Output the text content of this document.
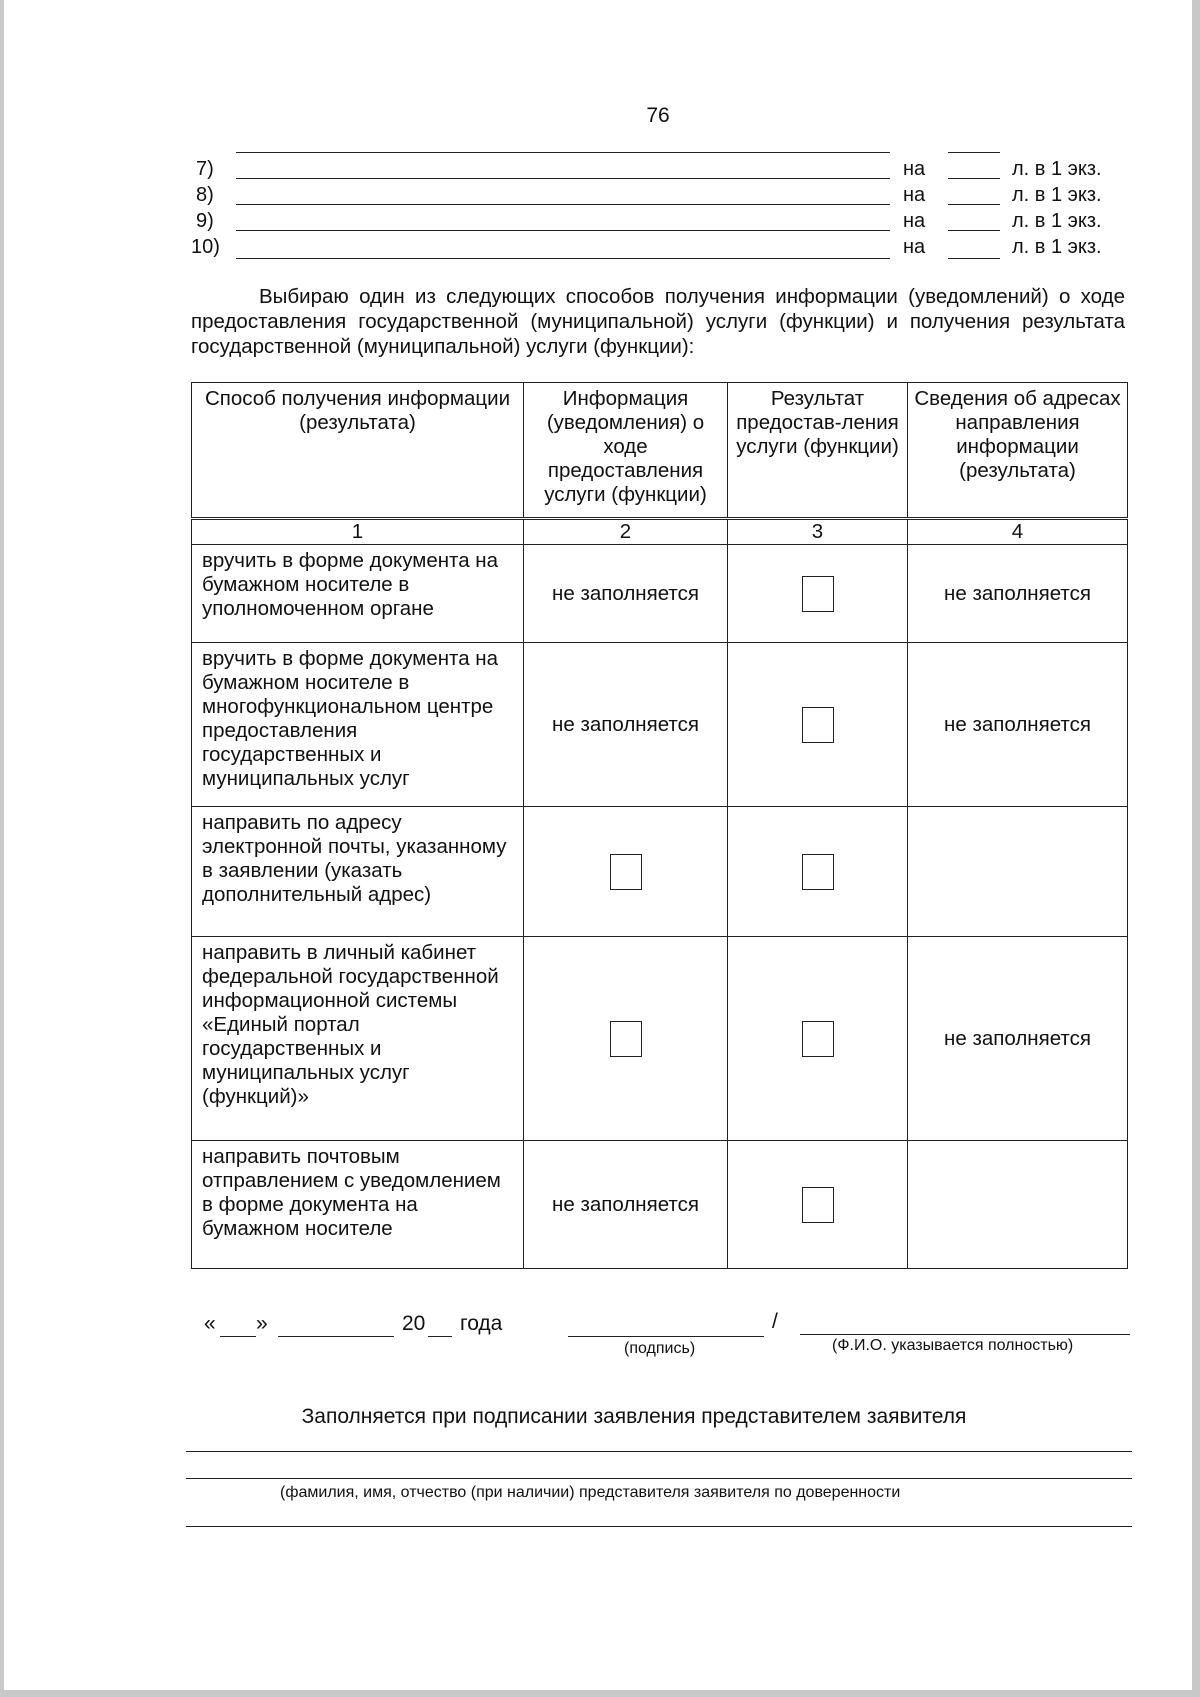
76
7)	на	л. в 1 экз.
8)	на	л. в 1 экз.
9)	на	л. в 1 экз.
10)	на	л. в 1 экз.
Выбираю один из следующих способов получения информации (уведомлений) о ходе предоставления государственной (муниципальной) услуги (функции) и получения результата государственной (муниципальной) услуги (функции):
Способ получения информации (результата)	Информация (уведомления) о ходе предоставления услуги (функции)	Результат предостав-ления услуги (функции)	Сведения об адресах направления информации (результата)
1	2	3	4
вручить в форме документа на бумажном носителе в уполномоченном органе	не заполняется		не заполняется
вручить в форме документа на бумажном носителе в многофункциональном центре предоставления государственных и муниципальных услуг	не заполняется		не заполняется
направить по адресу электронной почты, указанному в заявлении (указать дополнительный адрес)			
направить в личный кабинет федеральной государственной информационной системы «Единый портал государственных и муниципальных услуг (функций)»			не заполняется
направить почтовым отправлением с уведомлением в форме документа на бумажном носителе	не заполняется		
« »	20 года	/
(подпись)	(Ф.И.О. указывается полностью)
Заполняется при подписании заявления представителем заявителя
(фамилия, имя, отчество (при наличии) представителя заявителя по доверенности
